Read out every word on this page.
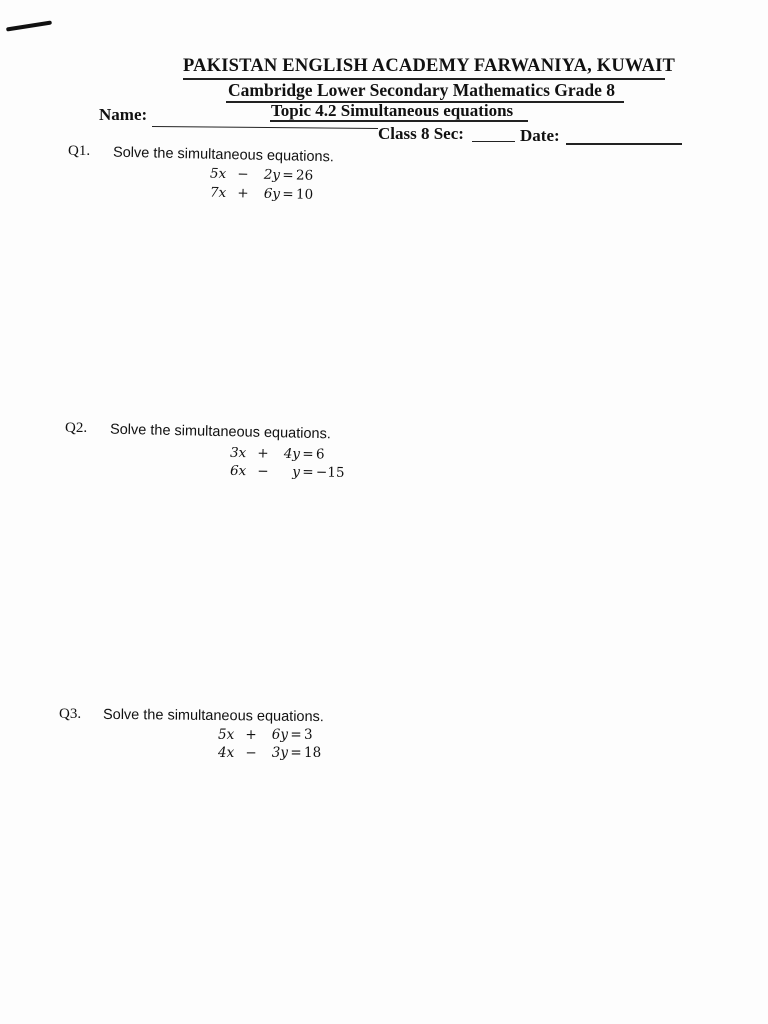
PAKISTAN ENGLISH ACADEMY FARWANIYA, KUWAIT
Cambridge Lower Secondary Mathematics Grade 8
Topic 4.2 Simultaneous equations
Name:
Class 8 Sec:	Date:
Q1. Solve the simultaneous equations.
5x −	2y = 26
7x +	6y = 10
Q2. Solve the simultaneous equations.
3x +	4y = 6
6x −	y = −15
Q3. Solve the simultaneous equations.
5x +	6y = 3
4x −	3y = 18
